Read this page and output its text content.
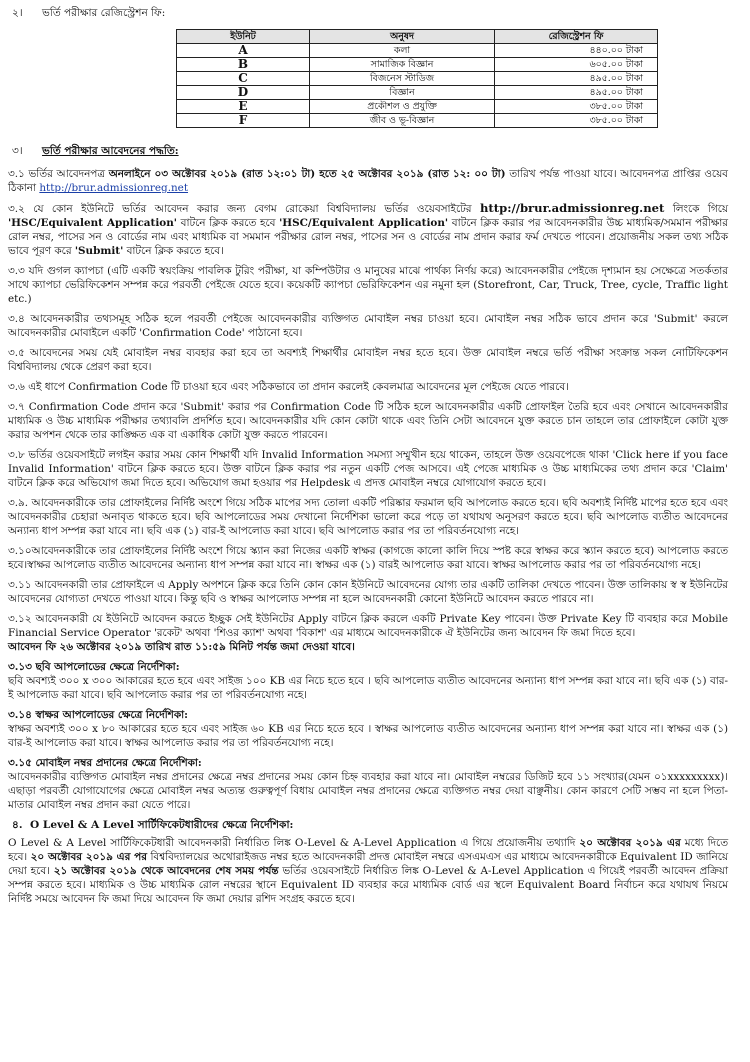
২।	ভর্তি পরীক্ষার রেজিস্ট্রেশন ফি:
ইউনিট	অনুষদ	রেজিস্ট্রেশন ফি
A	কলা	৪৪০.০০ টাকা
B	সামাজিক বিজ্ঞান	৬০৫.০০ টাকা
C	বিজনেস স্টাডিজ	৪৯৫.০০ টাকা
D	বিজ্ঞান	৪৯৫.০০ টাকা
E	প্রকৌশল ও প্রযুক্তি	৩৮৫.০০ টাকা
F	জীব ও ভূ-বিজ্ঞান	৩৮৫.০০ টাকা
৩।	ভর্তি পরীক্ষার আবেদনের পদ্ধতি:

৩.১ ভর্তির আবেদনপত্র অনলাইনে ০৩ অক্টোবর ২০১৯ (রাত ১২:০১ টা) হতে ২৫ অক্টোবর ২০১৯ (রাত ১২: ০০ টা) তারিখ পর্যন্ত পাওয়া যাবে। আবেদনপত্র প্রাপ্তির ওয়েব ঠিকানা http://brur.admissionreg.net

৩.২ যে কোন ইউনিটে ভর্তির আবেদন করার জন্য বেগম রোকেয়া বিশ্ববিদ্যালয় ভর্তির ওয়েবসাইটের http://brur.admissionreg.net লিংকে গিয়ে 'HSC/Equivalent Application' বাটনে ক্লিক করতে হবে 'HSC/Equivalent Application' বাটনে ক্লিক করার পর আবেদনকারীর উচ্চ মাধ্যমিক/সমমান পরীক্ষার রোল নম্বর, পাসের সন ও বোর্ডের নাম এবং মাধ্যমিক বা সমমান পরীক্ষার রোল নম্বর, পাসের সন ও বোর্ডের নাম প্রদান করার ফর্ম দেখতে পাবেন। প্রয়োজনীয় সকল তথ্য সঠিক ভাবে পূরণ করে 'Submit' বাটনে ক্লিক করতে হবে।

৩.৩ যদি গুগল ক্যাপচা (এটি একটি স্বয়ংক্রিয় পাবলিক টুরিং পরীক্ষা, যা কম্পিউটার ও মানুষের মাঝে পার্থক্য নির্ণয় করে) আবেদনকারীর পেইজে দৃশ্যমান হয় সেক্ষেত্রে সতর্কতার সাথে ক্যাপচা ভেরিফিকেশন সম্পন্ন করে পরবর্তী পেইজে যেতে হবে। কয়েকটি ক্যাপচা ভেরিফিকেশন এর নমুনা হল (Storefront, Car, Truck, Tree, cycle, Traffic light etc.)

৩.৪ আবেদনকারীর তথ্যসমূহ সঠিক হলে পরবর্তী পেইজে আবেদনকারীর ব্যক্তিগত মোবাইল নম্বর চাওয়া হবে। মোবাইল নম্বর সঠিক ভাবে প্রদান করে 'Submit' করলে আবেদনকারীর মোবাইলে একটি 'Confirmation Code' পাঠানো হবে।

৩.৫ আবেদনের সময় যেই মোবাইল নম্বর ব্যবহার করা হবে তা অবশ্যই শিক্ষার্থীর মোবাইল নম্বর হতে হবে। উক্ত মোবাইল নম্বরে ভর্তি পরীক্ষা সংক্রান্ত সকল নোটিফিকেশন বিশ্ববিদ্যালয় থেকে প্রেরণ করা হবে।

৩.৬ এই ধাপে Confirmation Code টি চাওয়া হবে এবং সঠিকভাবে তা প্রদান করলেই কেবলমাত্র আবেদনের মূল পেইজে যেতে পারবে।

৩.৭ Confirmation Code প্রদান করে 'Submit' করার পর Confirmation Code টি সঠিক হলে আবেদনকারীর একটি প্রোফাইল তৈরি হবে এবং সেখানে আবেদনকারীর মাধ্যমিক ও উচ্চ মাধ্যমিক পরীক্ষার তথ্যাবলি প্রদর্শিত হবে। আবেদনকারীর যদি কোন কোটা থাকে এবং তিনি সেটা আবেদনে যুক্ত করতে চান তাহলে তার প্রোফাইলে কোটা যুক্ত করার অপশন থেকে তার কাঙ্ক্ষিত এক বা একাধিক কোটা যুক্ত করতে পারবেন।

৩.৮ ভর্তির ওয়েবসাইটে লগইন করার সময় কোন শিক্ষার্থী যদি Invalid Information সমস্যা সম্মুখীন হয়ে থাকেন, তাহলে উক্ত ওয়েবপেজে থাকা 'Click here if you face Invalid Information' বাটনে ক্লিক করতে হবে। উক্ত বাটনে ক্লিক করার পর নতুন একটি পেজ আসবে। এই পেজে মাধ্যমিক ও উচ্চ মাধ্যমিকের তথ্য প্রদান করে 'Claim' বাটনে ক্লিক করে অভিযোগ জমা দিতে হবে। অভিযোগ জমা হওয়ার পর Helpdesk এ প্রদত্ত মোবাইল নম্বরে যোগাযোগ করতে হবে।

৩.৯. আবেদনকারীকে তার প্রোফাইলের নির্দিষ্ট অংশে গিয়ে সঠিক মাপের সদ্য তোলা একটি পরিষ্কার ফরমাল ছবি আপলোড করতে হবে। ছবি অবশ্যই নির্দিষ্ট মাপের হতে হবে এবং আবেদনকারীর চেহারা অনাবৃত থাকতে হবে। ছবি আপলোডের সময় দেখানো নির্দেশিকা ভালো করে পড়ে তা যথাযথ অনুসরণ করতে হবে। ছবি আপলোড ব্যতীত আবেদনের অন্যান্য ধাপ সম্পন্ন করা যাবে না। ছবি এক (১) বার-ই আপলোড করা যাবে। ছবি আপলোড করার পর তা পরিবর্তনযোগ্য নহে।

৩.১০আবেদনকারীকে তার প্রোফাইলের নির্দিষ্ট অংশে গিয়ে স্ক্যান করা নিজের একটি স্বাক্ষর (কাগজে কালো কালি দিয়ে স্পষ্ট করে স্বাক্ষর করে স্ক্যান করতে হবে) আপলোড করতে হবে।স্বাক্ষর আপলোড ব্যতীত আবেদনের অন্যান্য ধাপ সম্পন্ন করা যাবে না। স্বাক্ষর এক (১) বারই আপলোড করা যাবে। স্বাক্ষর আপলোড করার পর তা পরিবর্তনযোগ্য নহে।

৩.১১ আবেদনকারী তার প্রোফাইলে এ Apply অপশনে ক্লিক করে তিনি কোন কোন ইউনিটে আবেদনের যোগ্য তার একটি তালিকা দেখতে পাবেন। উক্ত তালিকায় স্ব স্ব ইউনিটের আবেদনের যোগ্যতা দেখতে পাওয়া যাবে। কিন্তু ছবি ও স্বাক্ষর আপলোড সম্পন্ন না হলে আবেদনকারী কোনো ইউনিটে আবেদন করতে পারবে না।

৩.১২ আবেদনকারী যে ইউনিটে আবেদন করতে ইচ্ছুক সেই ইউনিটের Apply বাটনে ক্লিক করলে একটি Private Key পাবেন। উক্ত Private Key টি ব্যবহার করে Mobile Financial Service Operator 'রকেট' অথবা 'শিওর ক্যাশ' অথবা 'বিকাশ' এর মাধ্যমে আবেদনকারীকে ঐ ইউনিটের জন্য আবেদন ফি জমা দিতে হবে।
আবেদন ফি ২৬ অক্টোবর ২০১৯ তারিখ রাত ১১:৫৯ মিনিট পর্যন্ত জমা দেওয়া যাবে।

৩.১৩ ছবি আপলোডের ক্ষেত্রে নির্দেশিকা:
ছবি অবশ্যই ৩০০ x ৩০০ আকারের হতে হবে এবং সাইজ ১০০ KB এর নিচে হতে হবে । ছবি আপলোড ব্যতীত আবেদনের অন্যান্য ধাপ সম্পন্ন করা যাবে না। ছবি এক (১) বার-ই আপলোড করা যাবে। ছবি আপলোড করার পর তা পরিবর্তনযোগ্য নহে।

৩.১৪ স্বাক্ষর আপলোডের ক্ষেত্রে নির্দেশিকা:
স্বাক্ষর অবশ্যই ৩০০ x ৮০ আকারের হতে হবে এবং সাইজ ৬০ KB এর নিচে হতে হবে । স্বাক্ষর আপলোড ব্যতীত আবেদনের অন্যান্য ধাপ সম্পন্ন করা যাবে না। স্বাক্ষর এক (১) বার-ই আপলোড করা যাবে। স্বাক্ষর আপলোড করার পর তা পরিবর্তনযোগ্য নহে।

৩.১৫ মোবাইল নম্বর প্রদানের ক্ষেত্রে নির্দেশিকা:
আবেদনকারীর ব্যক্তিগত মোবাইল নম্বর প্রদানের ক্ষেত্রে নম্বর প্রদানের সময় কোন চিহ্ন ব্যবহার করা যাবে না। মোবাইল নম্বরের ডিজিট হবে ১১ সংখ্যার(যেমন ০১xxxxxxxxx)। এছাড়া পরবর্তী যোগাযোগের ক্ষেত্রে মোবাইল নম্বর অত্যন্ত গুরুত্বপূর্ণ বিধায় মোবাইল নম্বর প্রদানের ক্ষেত্রে ব্যক্তিগত নম্বর দেয়া বাঞ্ছনীয়। কোন কারণে সেটি সম্ভব না হলে পিতা-মাতার মোবাইল নম্বর প্রদান করা যেতে পারে।

৪. O Level & A Level সার্টিফিকেটধারীদের ক্ষেত্রে নির্দেশিকা:

O Level & A Level সার্টিফিকেটধারী আবেদনকারী নির্ধারিত লিঙ্ক O-Level & A-Level Application এ গিয়ে প্রয়োজনীয় তথ্যাদি ২০ অক্টোবর ২০১৯ এর মধ্যে দিতে হবে। ২০ অক্টোবর ২০১৯ এর পর বিশ্ববিদ্যালয়ের অথোরাইজড নম্বর হতে আবেদনকারী প্রদত্ত মোবাইল নম্বরে এসএমএস এর মাধ্যমে আবেদনকারীকে Equivalent ID জানিয়ে দেয়া হবে। ২১ অক্টোবর ২০১৯ থেকে আবেদনের শেষ সময় পর্যন্ত ভর্তির ওয়েবসাইটে নির্ধারিত লিঙ্ক O-Level & A-Level Application এ গিয়েই পরবর্তী আবেদন প্রক্রিয়া সম্পন্ন করতে হবে। মাধ্যমিক ও উচ্চ মাধ্যমিক রোল নম্বরের স্থানে Equivalent ID ব্যবহার করে মাধ্যমিক বোর্ড এর স্থলে Equivalent Board নির্বাচন করে যথাযথ নিয়মে নির্দিষ্ট সময়ে আবেদন ফি জমা দিয়ে আবেদন ফি জমা দেয়ার রশিদ সংগ্রহ করতে হবে।
